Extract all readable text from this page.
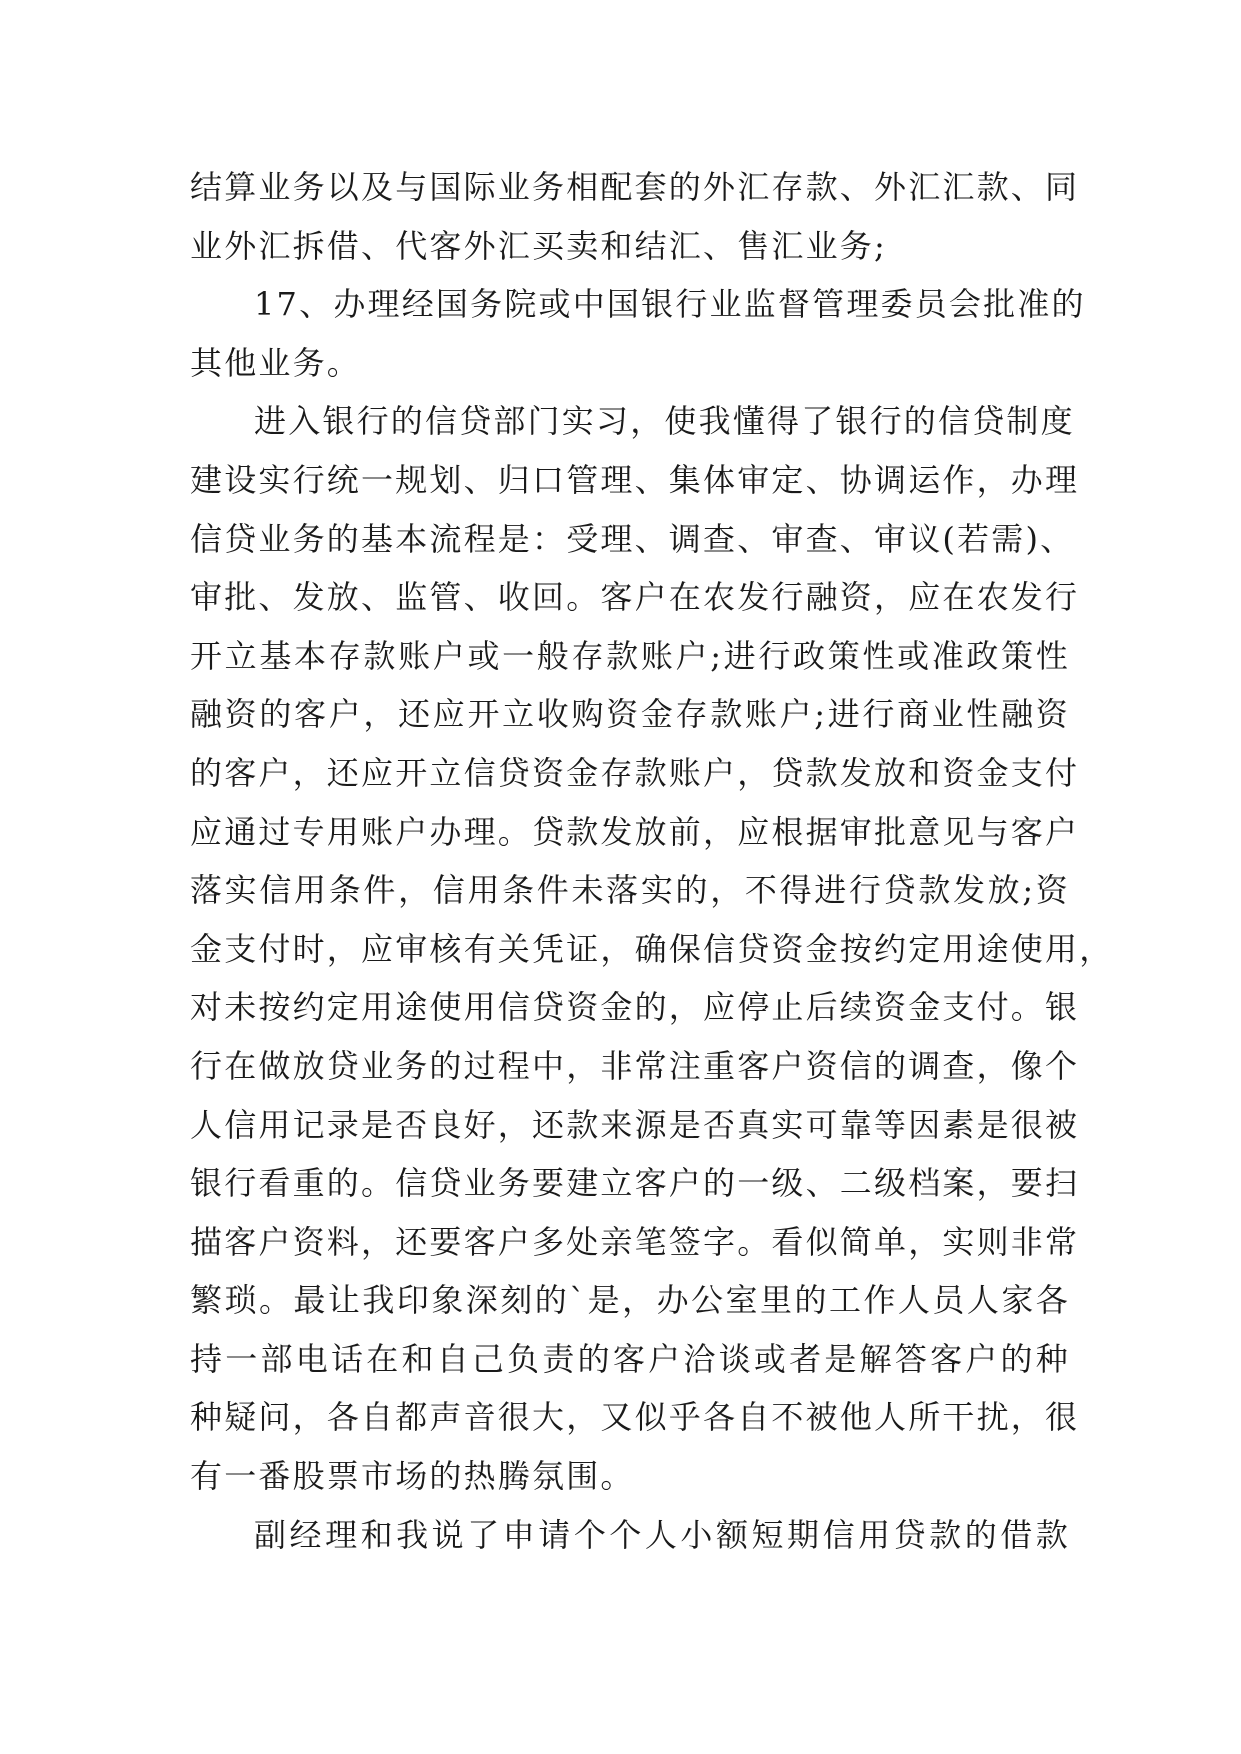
结算业务以及与国际业务相配套的外汇存款、外汇汇款、同
业外汇拆借、代客外汇买卖和结汇、售汇业务;
17、办理经国务院或中国银行业监督管理委员会批准的
其他业务。
进入银行的信贷部门实习，使我懂得了银行的信贷制度
建设实行统一规划、归口管理、集体审定、协调运作，办理
信贷业务的基本流程是：受理、调查、审查、审议(若需)、
审批、发放、监管、收回。客户在农发行融资，应在农发行
开立基本存款账户或一般存款账户;进行政策性或准政策性
融资的客户，还应开立收购资金存款账户;进行商业性融资
的客户，还应开立信贷资金存款账户，贷款发放和资金支付
应通过专用账户办理。贷款发放前，应根据审批意见与客户
落实信用条件，信用条件未落实的，不得进行贷款发放;资
金支付时，应审核有关凭证，确保信贷资金按约定用途使用，
对未按约定用途使用信贷资金的，应停止后续资金支付。银
行在做放贷业务的过程中，非常注重客户资信的调查，像个
人信用记录是否良好，还款来源是否真实可靠等因素是很被
银行看重的。信贷业务要建立客户的一级、二级档案，要扫
描客户资料，还要客户多处亲笔签字。看似简单，实则非常
繁琐。最让我印象深刻的`是，办公室里的工作人员人家各
持一部电话在和自己负责的客户洽谈或者是解答客户的种
种疑问，各自都声音很大，又似乎各自不被他人所干扰，很
有一番股票市场的热腾氛围。
副经理和我说了申请个个人小额短期信用贷款的借款
